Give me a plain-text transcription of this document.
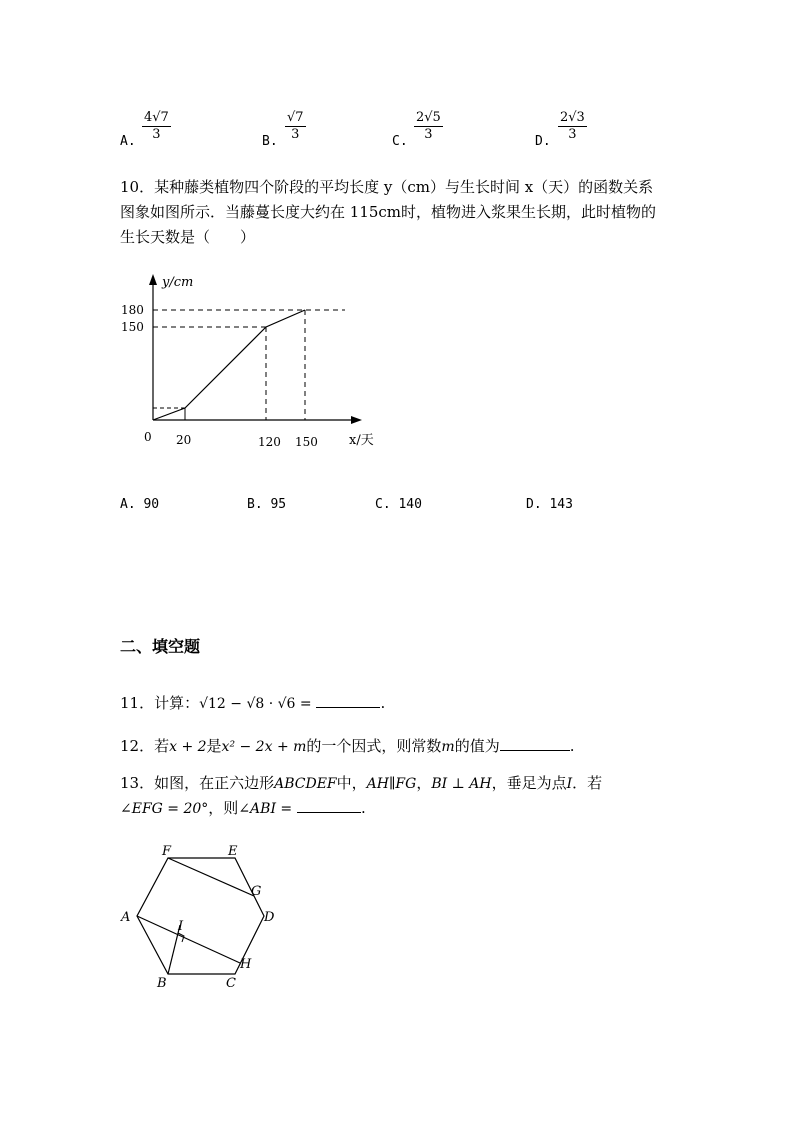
A. $\frac{4√7}{3}$	B. $\frac{√7}{3}$	C. $\frac{2√5}{3}$	D. $\frac{2√3}{3}$
10．某种藤类植物四个阶段的平均长度 y（cm）与生长时间 x（天）的函数关系
图象如图所示．当藤蔓长度大约在 115cm时，植物进入浆果生长期，此时植物的
生长天数是（　　）
y/cm
180
150
0 20	120 150 x/天
A. 90	B. 95	C. 140	D. 143
二、填空题
11．计算：√12 − √8 · √6 =	.
12．若x + 2是x² − 2x + m的一个因式，则常数m的值为	.
13．如图，在正六边形ABCDEF中，AH∥FG，BI ⊥ AH，垂足为点I．若
∠EFG = 20°，则∠ABI =	.
F	E
G
A	D
I
H
B	C
